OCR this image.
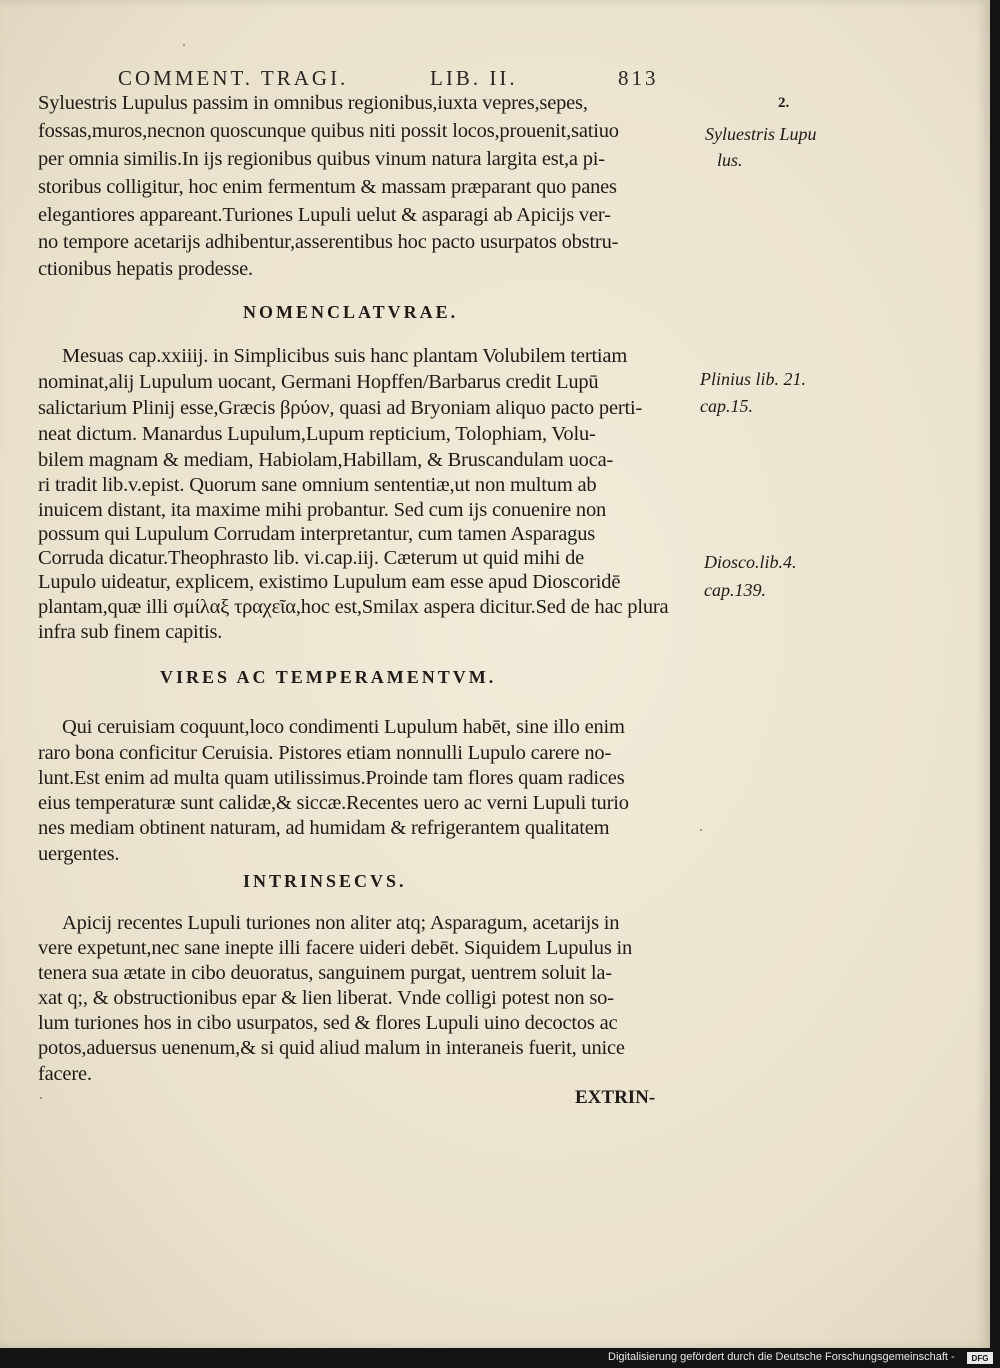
COMMENT. TRAGI.	LIB. II.	813
Syluestris Lupulus passim in omnibus regionibus,iuxta vepres,sepes,
fossas,muros,necnon quoscunque quibus niti possit locos,prouenit,satiuo
per omnia similis.In ijs regionibus quibus vinum natura largita est,a pi-
storibus colligitur, hoc enim fermentum & massam præparant quo panes
elegantiores appareant.Turiones Lupuli uelut & asparagi ab Apicijs ver-
no tempore acetarijs adhibentur,asserentibus hoc pacto usurpatos obstru-
ctionibus hepatis prodesse.
NOMENCLATVRAE.
Mesuas cap.xxiiij. in Simplicibus suis hanc plantam Volubilem tertiam
nominat,alij Lupulum uocant, Germani Hopffen/Barbarus credit Lupū
salictarium Plinij esse,Græcis βρύον, quasi ad Bryoniam aliquo pacto perti-
neat dictum. Manardus Lupulum,Lupum repticium, Tolophiam, Volu-
bilem magnam & mediam, Habiolam,Habillam, & Bruscandulam uoca-
ri tradit lib.v.epist. Quorum sane omnium sententiæ,ut non multum ab
inuicem distant, ita maxime mihi probantur. Sed cum ijs conuenire non
possum qui Lupulum Corrudam interpretantur, cum tamen Asparagus
Corruda dicatur.Theophrasto lib. vi.cap.iij. Cæterum ut quid mihi de
Lupulo uideatur, explicem, existimo Lupulum eam esse apud Dioscoridē
plantam,quæ illi σμίλαξ τραχεῖα,hoc est,Smilax aspera dicitur.Sed de hac plura
infra sub finem capitis.
VIRES AC TEMPERAMENTVM.
Qui ceruisiam coquunt,loco condimenti Lupulum habēt, sine illo enim
raro bona conficitur Ceruisia. Pistores etiam nonnulli Lupulo carere no-
lunt.Est enim ad multa quam utilissimus.Proinde tam flores quam radices
eius temperaturæ sunt calidæ,& siccæ.Recentes uero ac verni Lupuli turio
nes mediam obtinent naturam, ad humidam & refrigerantem qualitatem
uergentes.
INTRINSECVS.
Apicij recentes Lupuli turiones non aliter atq; Asparagum, acetarijs in
vere expetunt,nec sane inepte illi facere uideri debēt. Siquidem Lupulus in
tenera sua ætate in cibo deuoratus, sanguinem purgat, uentrem soluit la-
xat q;, & obstructionibus epar & lien liberat. Vnde colligi potest non so-
lum turiones hos in cibo usurpatos, sed & flores Lupuli uino decoctos ac
potos,aduersus uenenum,& si quid aliud malum in interaneis fuerit, unice
facere.
EXTRIN-
2.
Syluestris Lupu
lus.
Plinius lib. 21.
cap.15.
Diosco.lib.4.
cap.139.
Digitalisierung gefördert durch die Deutsche Forschungsgemeinschaft - DFG
